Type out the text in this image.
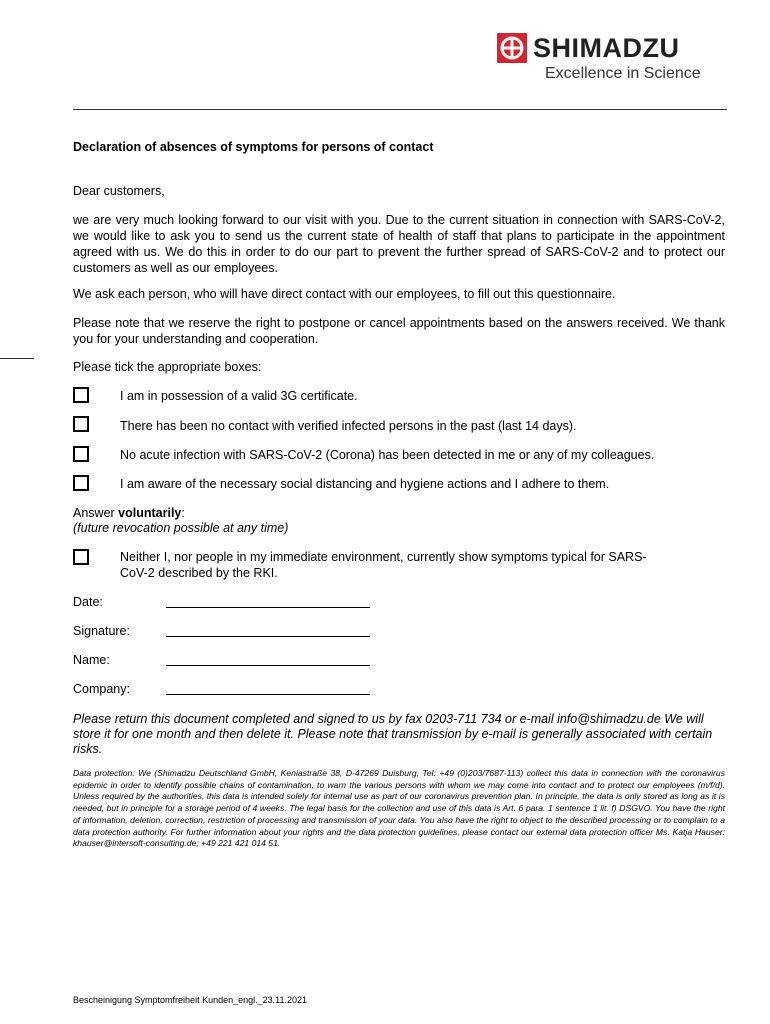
SHIMADZU
Excellence in Science
Declaration of absences of symptoms for persons of contact
Dear customers,
we are very much looking forward to our visit with you. Due to the current situation in connection with SARS-CoV-2, we would like to ask you to send us the current state of health of staff that plans to participate in the appointment agreed with us. We do this in order to do our part to prevent the further spread of SARS-CoV-2 and to protect our customers as well as our employees.
We ask each person, who will have direct contact with our employees, to fill out this questionnaire.
Please note that we reserve the right to postpone or cancel appointments based on the answers received. We thank you for your understanding and cooperation.
Please tick the appropriate boxes:
I am in possession of a valid 3G certificate.
There has been no contact with verified infected persons in the past (last 14 days).
No acute infection with SARS-CoV-2 (Corona) has been detected in me or any of my colleagues.
I am aware of the necessary social distancing and hygiene actions and I adhere to them.
Answer voluntarily:
(future revocation possible at any time)
Neither I, nor people in my immediate environment, currently show symptoms typical for SARS-
CoV-2 described by the RKI.
Date:
Signature:
Name:
Company:
Please return this document completed and signed to us by fax 0203-711 734 or e-mail info@shimadzu.de We will store it for one month and then delete it. Please note that transmission by e-mail is generally associated with certain risks.
Data protection: We (Shimadzu Deutschland GmbH, Keniastraße 38, D-47269 Duisburg, Tel: +49 (0)203/7687-113) collect this data in connection with the coronavirus epidemic in order to identify possible chains of contamination, to warn the various persons with whom we may come into contact and to protect our employees (m/f/d). Unless required by the authorities, this data is intended solely for internal use as part of our coronavirus prevention plan. In principle, the data is only stored as long as it is needed, but in principle for a storage period of 4 weeks. The legal basis for the collection and use of this data is Art. 6 para. 1 sentence 1 lit. f) DSGVO. You have the right of information, deletion, correction, restriction of processing and transmission of your data. You also have the right to object to the described processing or to complain to a data protection authority. For further information about your rights and the data protection guidelines, please contact our external data protection officer Ms. Katja Hauser: khauser@intersoft-consulting.de; +49 221 421 014 51.
Bescheinigung Symptomfreiheit Kunden_engl._23.11.2021
